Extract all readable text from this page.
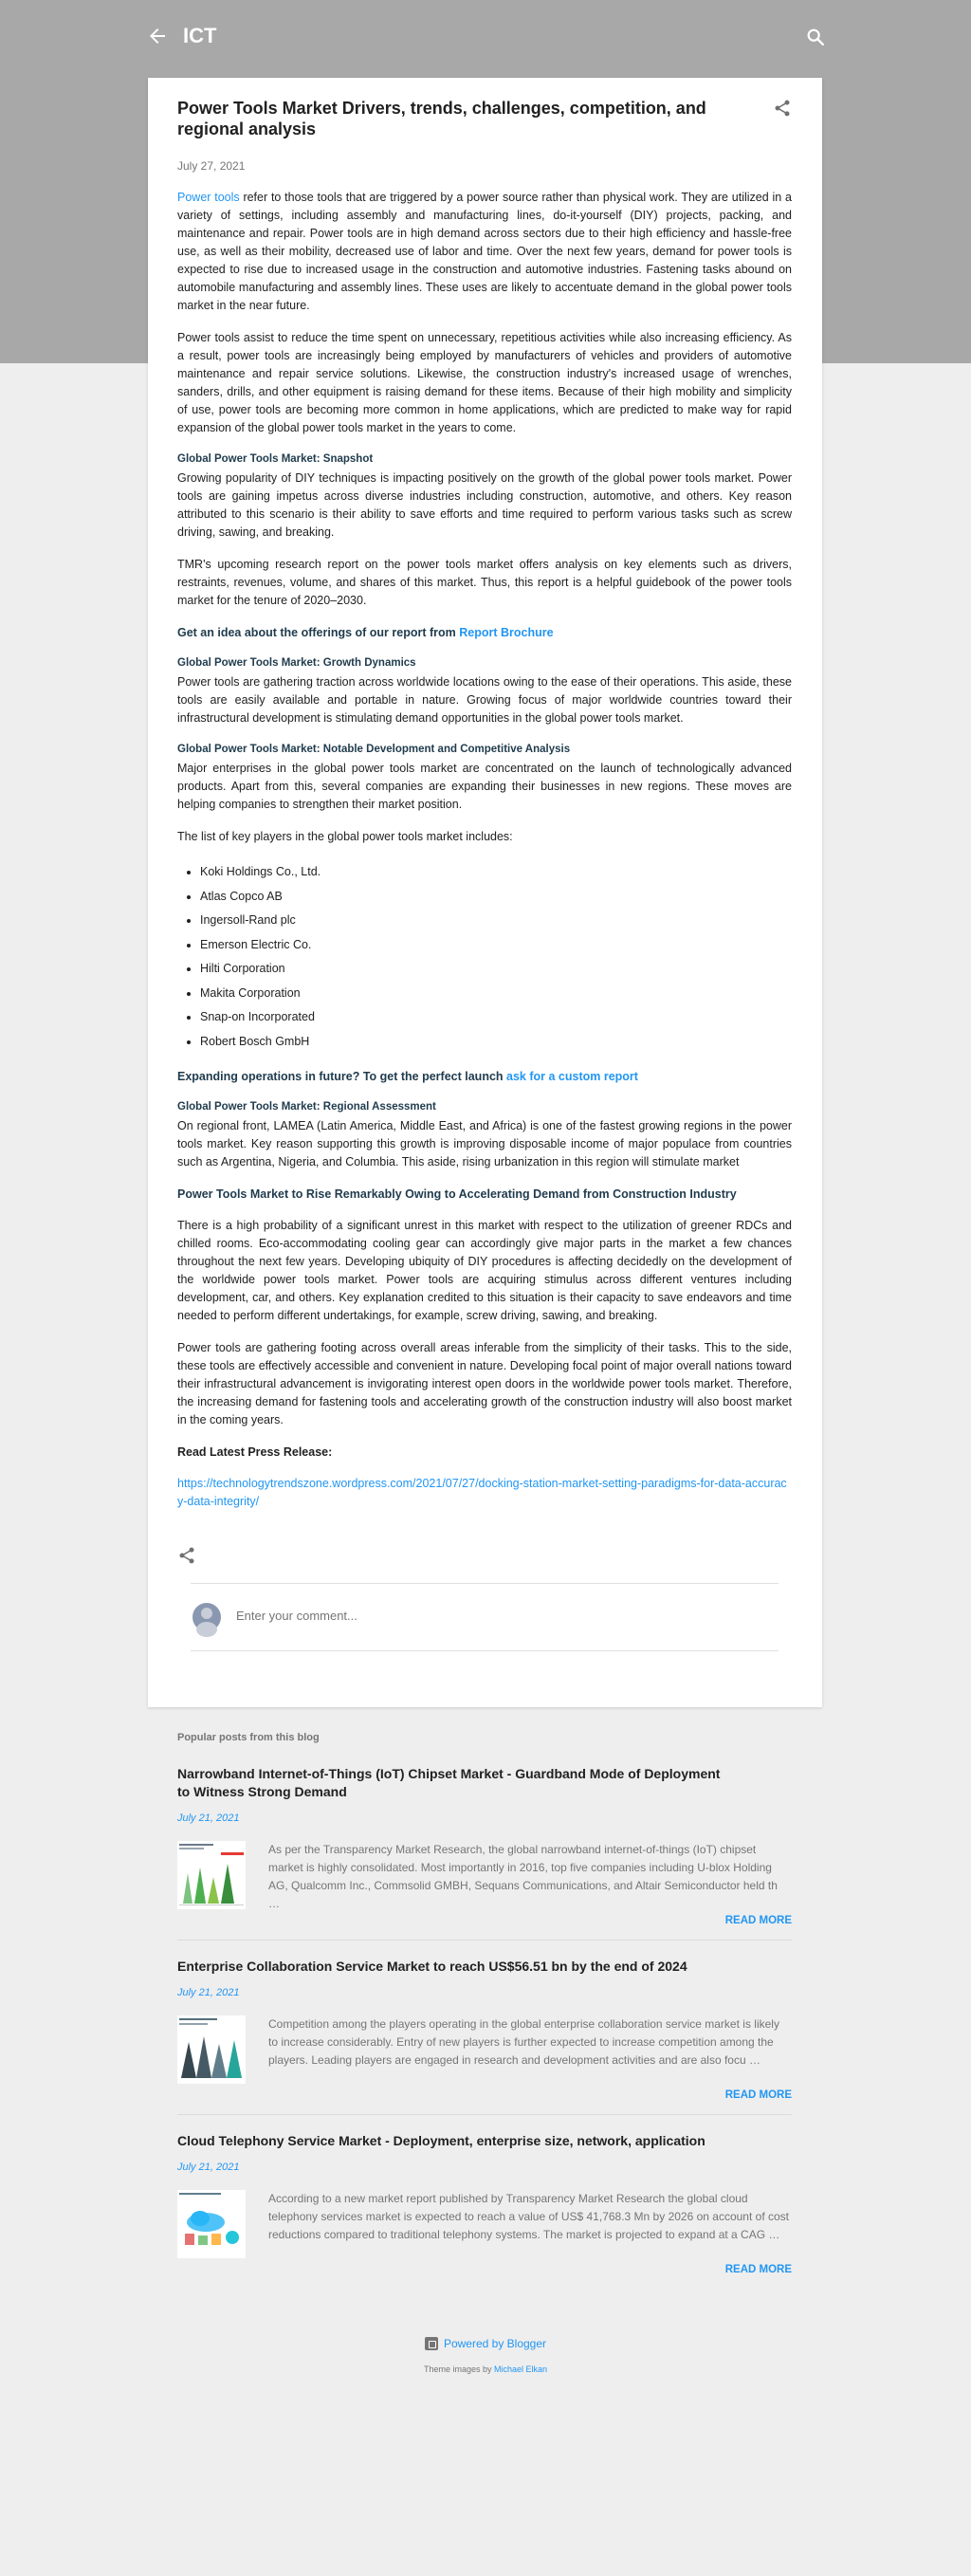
ICT
Power Tools Market Drivers, trends, challenges, competition, and regional analysis
July 27, 2021

Power tools refer to those tools that are triggered by a power source rather than physical work. They are utilized in a variety of settings, including assembly and manufacturing lines, do-it-yourself (DIY) projects, packing, and maintenance and repair. Power tools are in high demand across sectors due to their high efficiency and hassle-free use, as well as their mobility, decreased use of labor and time. Over the next few years, demand for power tools is expected to rise due to increased usage in the construction and automotive industries. Fastening tasks abound on automobile manufacturing and assembly lines. These uses are likely to accentuate demand in the global power tools market in the near future.

Power tools assist to reduce the time spent on unnecessary, repetitious activities while also increasing efficiency. As a result, power tools are increasingly being employed by manufacturers of vehicles and providers of automotive maintenance and repair service solutions. Likewise, the construction industry's increased usage of wrenches, sanders, drills, and other equipment is raising demand for these items. Because of their high mobility and simplicity of use, power tools are becoming more common in home applications, which are predicted to make way for rapid expansion of the global power tools market in the years to come.

Global Power Tools Market: Snapshot

Growing popularity of DIY techniques is impacting positively on the growth of the global power tools market. Power tools are gaining impetus across diverse industries including construction, automotive, and others. Key reason attributed to this scenario is their ability to save efforts and time required to perform various tasks such as screw driving, sawing, and breaking.

TMR's upcoming research report on the power tools market offers analysis on key elements such as drivers, restraints, revenues, volume, and shares of this market. Thus, this report is a helpful guidebook of the power tools market for the tenure of 2020–2030.

Get an idea about the offerings of our report from Report Brochure
Global Power Tools Market: Growth Dynamics

Power tools are gathering traction across worldwide locations owing to the ease of their operations. This aside, these tools are easily available and portable in nature. Growing focus of major worldwide countries toward their infrastructural development is stimulating demand opportunities in the global power tools market.

Global Power Tools Market: Notable Development and Competitive Analysis

Major enterprises in the global power tools market are concentrated on the launch of technologically advanced products. Apart from this, several companies are expanding their businesses in new regions. These moves are helping companies to strengthen their market position.

The list of key players in the global power tools market includes:

• Koki Holdings Co., Ltd.
• Atlas Copco AB
• Ingersoll-Rand plc
• Emerson Electric Co.
• Hilti Corporation
• Makita Corporation
• Snap-on Incorporated
• Robert Bosch GmbH
Expanding operations in future? To get the perfect launch ask for a custom report
Global Power Tools Market: Regional Assessment

On regional front, LAMEA (Latin America, Middle East, and Africa) is one of the fastest growing regions in the power tools market. Key reason supporting this growth is improving disposable income of major populace from countries such as Argentina, Nigeria, and Columbia. This aside, rising urbanization in this region will stimulate market

Power Tools Market to Rise Remarkably Owing to Accelerating Demand from Construction Industry

There is a high probability of a significant unrest in this market with respect to the utilization of greener RDCs and chilled rooms. Eco-accommodating cooling gear can accordingly give major parts in the market a few chances throughout the next few years. Developing ubiquity of DIY procedures is affecting decidedly on the development of the worldwide power tools market. Power tools are acquiring stimulus across different ventures including development, car, and others. Key explanation credited to this situation is their capacity to save endeavors and time needed to perform different undertakings, for example, screw driving, sawing, and breaking.

Power tools are gathering footing across overall areas inferable from the simplicity of their tasks. This to the side, these tools are effectively accessible and convenient in nature. Developing focal point of major overall nations toward their infrastructural advancement is invigorating interest open doors in the worldwide power tools market. Therefore, the increasing demand for fastening tools and accelerating growth of the construction industry will also boost market in the coming years.

Read Latest Press Release:

https://technologytrendszone.wordpress.com/2021/07/27/docking-station-market-setting-paradigms-for-data-accuracy-data-integrity/

Enter your comment...
Popular posts from this blog
Narrowband Internet-of-Things (IoT) Chipset Market - Guardband Mode of Deployment to Witness Strong Demand
July 21, 2021
As per the Transparency Market Research, the global narrowband internet-of-things (IoT) chipset market is highly consolidated. Most importantly in 2016, top five companies including U-blox Holding AG, Qualcomm Inc., Commsolid GMBH, Sequans Communications, and Altair Semiconductor held th …
READ MORE
Enterprise Collaboration Service Market to reach US$56.51 bn by the end of 2024
July 21, 2021
Competition among the players operating in the global enterprise collaboration service market is likely to increase considerably. Entry of new players is further expected to increase competition among the players. Leading players are engaged in research and development activities and are also focu …
READ MORE
Cloud Telephony Service Market - Deployment, enterprise size, network, application
July 21, 2021
According to a new market report published by Transparency Market Research the global cloud telephony services market is expected to reach a value of US$ 41,768.3 Mn by 2026 on account of cost reductions compared to traditional telephony systems. The market is projected to expand at a CAG …
READ MORE
Powered by Blogger
Theme images by Michael Elkan
